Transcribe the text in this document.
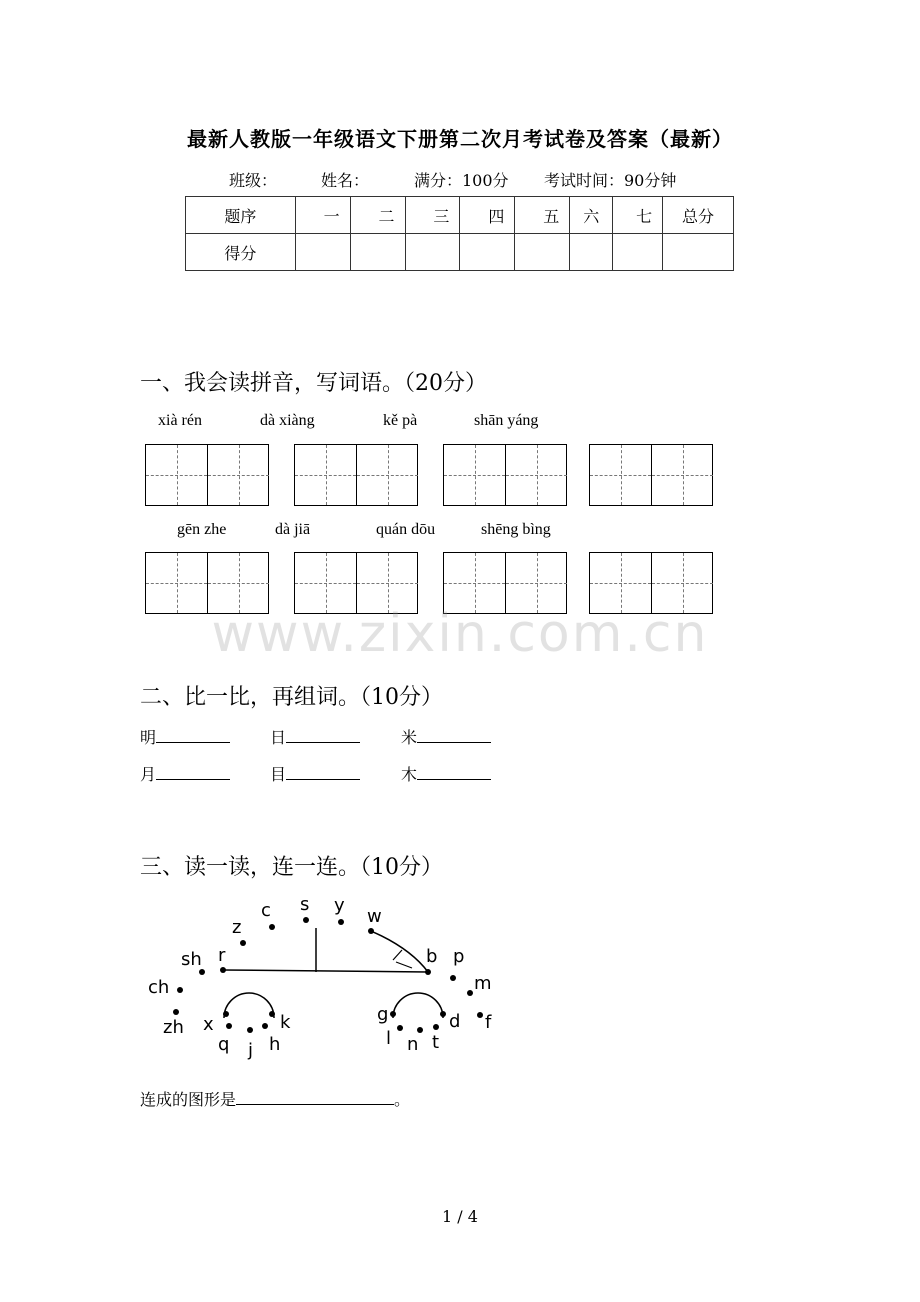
最新人教版一年级语文下册第二次月考试卷及答案（最新）
班级：	姓名：	满分：100分 考试时间：90分钟
题序	一	二	三	四	五	六	七	总分
得分								
一、我会读拼音，写词语。（20分）
xià rén	dà xiàng	kě pà	shān yáng
gēn zhe	dà jiā	quán dōu	shēng bìng
www.zixin.com.cn
二、比一比，再组词。（10分）
明	日	米
月	目	木
三、读一读，连一连。（10分）
z
c s y
w
sh r	b p
ch	m
zh x	k
q j h
g	d f
l n t
连成的图形是	。
1 / 4
